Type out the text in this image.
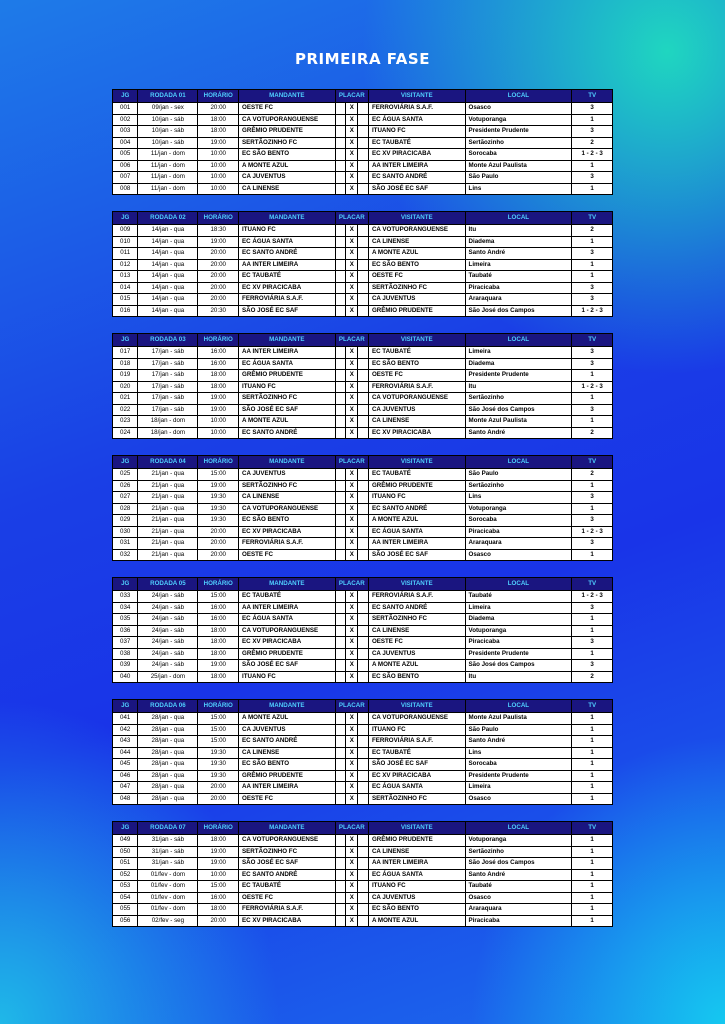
PRIMEIRA FASE
JG	RODADA 01	HORÁRIO	MANDANTE	PLACAR	VISITANTE	LOCAL	TV
001	09/jan - sex	20:00	OESTE FC	X	FERROVIÁRIA S.A.F.	Osasco	3
002	10/jan - sáb	18:00	CA VOTUPORANGUENSE	X	EC ÁGUA SANTA	Votuporanga	1
003	10/jan - sáb	18:00	GRÊMIO PRUDENTE	X	ITUANO FC	Presidente Prudente	3
004	10/jan - sáb	19:00	SERTÃOZINHO FC	X	EC TAUBATÉ	Sertãozinho	2
005	11/jan - dom	10:00	EC SÃO BENTO	X	EC XV PIRACICABA	Sorocaba	1 - 2 - 3
006	11/jan - dom	10:00	A MONTE AZUL	X	AA INTER LIMEIRA	Monte Azul Paulista	1
007	11/jan - dom	10:00	CA JUVENTUS	X	EC SANTO ANDRÉ	São Paulo	3
008	11/jan - dom	10:00	CA LINENSE	X	SÃO JOSÉ EC SAF	Lins	1
JG	RODADA 02	HORÁRIO	MANDANTE	PLACAR	VISITANTE	LOCAL	TV
009	14/jan - qua	18:30	ITUANO FC	X	CA VOTUPORANGUENSE	Itu	2
010	14/jan - qua	19:00	EC ÁGUA SANTA	X	CA LINENSE	Diadema	1
011	14/jan - qua	20:00	EC SANTO ANDRÉ	X	A MONTE AZUL	Santo André	3
012	14/jan - qua	20:00	AA INTER LIMEIRA	X	EC SÃO BENTO	Limeira	1
013	14/jan - qua	20:00	EC TAUBATÉ	X	OESTE FC	Taubaté	1
014	14/jan - qua	20:00	EC XV PIRACICABA	X	SERTÃOZINHO FC	Piracicaba	3
015	14/jan - qua	20:00	FERROVIÁRIA S.A.F.	X	CA JUVENTUS	Araraquara	3
016	14/jan - qua	20:30	SÃO JOSÉ EC SAF	X	GRÊMIO PRUDENTE	São José dos Campos	1 - 2 - 3
JG	RODADA 03	HORÁRIO	MANDANTE	PLACAR	VISITANTE	LOCAL	TV
017	17/jan - sáb	16:00	AA INTER LIMEIRA	X	EC TAUBATÉ	Limeira	3
018	17/jan - sáb	16:00	EC ÁGUA SANTA	X	EC SÃO BENTO	Diadema	3
019	17/jan - sáb	18:00	GRÊMIO PRUDENTE	X	OESTE FC	Presidente Prudente	1
020	17/jan - sáb	18:00	ITUANO FC	X	FERROVIÁRIA S.A.F.	Itu	1 - 2 - 3
021	17/jan - sáb	19:00	SERTÃOZINHO FC	X	CA VOTUPORANGUENSE	Sertãozinho	1
022	17/jan - sáb	19:00	SÃO JOSÉ EC SAF	X	CA JUVENTUS	São José dos Campos	3
023	18/jan - dom	10:00	A MONTE AZUL	X	CA LINENSE	Monte Azul Paulista	1
024	18/jan - dom	10:00	EC SANTO ANDRÉ	X	EC XV PIRACICABA	Santo André	2
JG	RODADA 04	HORÁRIO	MANDANTE	PLACAR	VISITANTE	LOCAL	TV
025	21/jan - qua	15:00	CA JUVENTUS	X	EC TAUBATÉ	São Paulo	2
026	21/jan - qua	19:00	SERTÃOZINHO FC	X	GRÊMIO PRUDENTE	Sertãozinho	1
027	21/jan - qua	19:30	CA LINENSE	X	ITUANO FC	Lins	3
028	21/jan - qua	19:30	CA VOTUPORANGUENSE	X	EC SANTO ANDRÉ	Votuporanga	1
029	21/jan - qua	19:30	EC SÃO BENTO	X	A MONTE AZUL	Sorocaba	3
030	21/jan - qua	20:00	EC XV PIRACICABA	X	EC ÁGUA SANTA	Piracicaba	1 - 2 - 3
031	21/jan - qua	20:00	FERROVIÁRIA S.A.F.	X	AA INTER LIMEIRA	Araraquara	3
032	21/jan - qua	20:00	OESTE FC	X	SÃO JOSÉ EC SAF	Osasco	1
JG	RODADA 05	HORÁRIO	MANDANTE	PLACAR	VISITANTE	LOCAL	TV
033	24/jan - sáb	15:00	EC TAUBATÉ	X	FERROVIÁRIA S.A.F.	Taubaté	1 - 2 - 3
034	24/jan - sáb	16:00	AA INTER LIMEIRA	X	EC SANTO ANDRÉ	Limeira	3
035	24/jan - sáb	16:00	EC ÁGUA SANTA	X	SERTÃOZINHO FC	Diadema	1
036	24/jan - sáb	18:00	CA VOTUPORANGUENSE	X	CA LINENSE	Votuporanga	1
037	24/jan - sáb	18:00	EC XV PIRACICABA	X	OESTE FC	Piracicaba	3
038	24/jan - sáb	18:00	GRÊMIO PRUDENTE	X	CA JUVENTUS	Presidente Prudente	1
039	24/jan - sáb	19:00	SÃO JOSÉ EC SAF	X	A MONTE AZUL	São José dos Campos	3
040	25/jan - dom	18:00	ITUANO FC	X	EC SÃO BENTO	Itu	2
JG	RODADA 06	HORÁRIO	MANDANTE	PLACAR	VISITANTE	LOCAL	TV
041	28/jan - qua	15:00	A MONTE AZUL	X	CA VOTUPORANGUENSE	Monte Azul Paulista	1
042	28/jan - qua	15:00	CA JUVENTUS	X	ITUANO FC	São Paulo	1
043	28/jan - qua	15:00	EC SANTO ANDRÉ	X	FERROVIÁRIA S.A.F.	Santo André	1
044	28/jan - qua	19:30	CA LINENSE	X	EC TAUBATÉ	Lins	1
045	28/jan - qua	19:30	EC SÃO BENTO	X	SÃO JOSÉ EC SAF	Sorocaba	1
046	28/jan - qua	19:30	GRÊMIO PRUDENTE	X	EC XV PIRACICABA	Presidente Prudente	1
047	28/jan - qua	20:00	AA INTER LIMEIRA	X	EC ÁGUA SANTA	Limeira	1
048	28/jan - qua	20:00	OESTE FC	X	SERTÃOZINHO FC	Osasco	1
JG	RODADA 07	HORÁRIO	MANDANTE	PLACAR	VISITANTE	LOCAL	TV
049	31/jan - sáb	18:00	CA VOTUPORANGUENSE	X	GRÊMIO PRUDENTE	Votuporanga	1
050	31/jan - sáb	19:00	SERTÃOZINHO FC	X	CA LINENSE	Sertãozinho	1
051	31/jan - sáb	19:00	SÃO JOSÉ EC SAF	X	AA INTER LIMEIRA	São José dos Campos	1
052	01/fev - dom	10:00	EC SANTO ANDRÉ	X	EC ÁGUA SANTA	Santo André	1
053	01/fev - dom	15:00	EC TAUBATÉ	X	ITUANO FC	Taubaté	1
054	01/fev - dom	16:00	OESTE FC	X	CA JUVENTUS	Osasco	1
055	01/fev - dom	18:00	FERROVIÁRIA S.A.F.	X	EC SÃO BENTO	Araraquara	1
056	02/fev - seg	20:00	EC XV PIRACICABA	X	A MONTE AZUL	Piracicaba	1
